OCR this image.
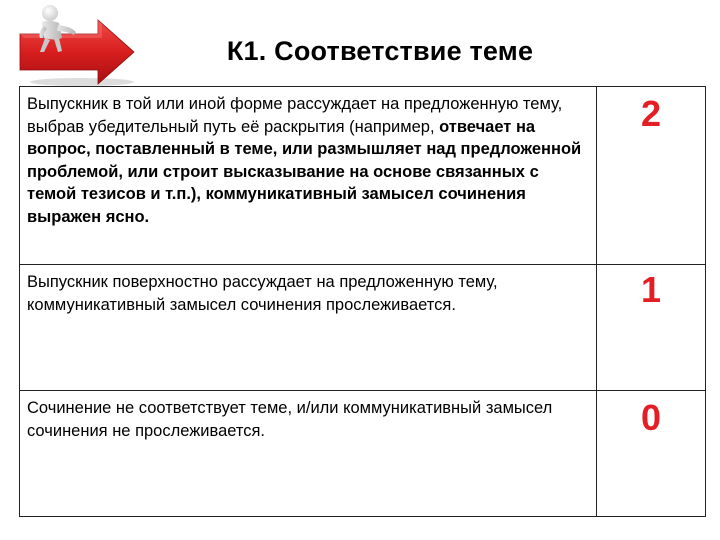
К1. Соответствие теме
Выпускник в той или иной форме рассуждает на предложенную тему, выбрав убедительный путь её раскрытия (например, отвечает на вопрос, поставленный в теме, или размышляет над предложенной проблемой, или строит высказывание на основе связанных с темой тезисов и т.п.), коммуникативный замысел сочинения выражен ясно.	2

Выпускник поверхностно рассуждает на предложенную тему, коммуникативный замысел сочинения прослеживается.	1

Сочинение не соответствует теме, и/или коммуникативный замысел сочинения не прослеживается.	0
